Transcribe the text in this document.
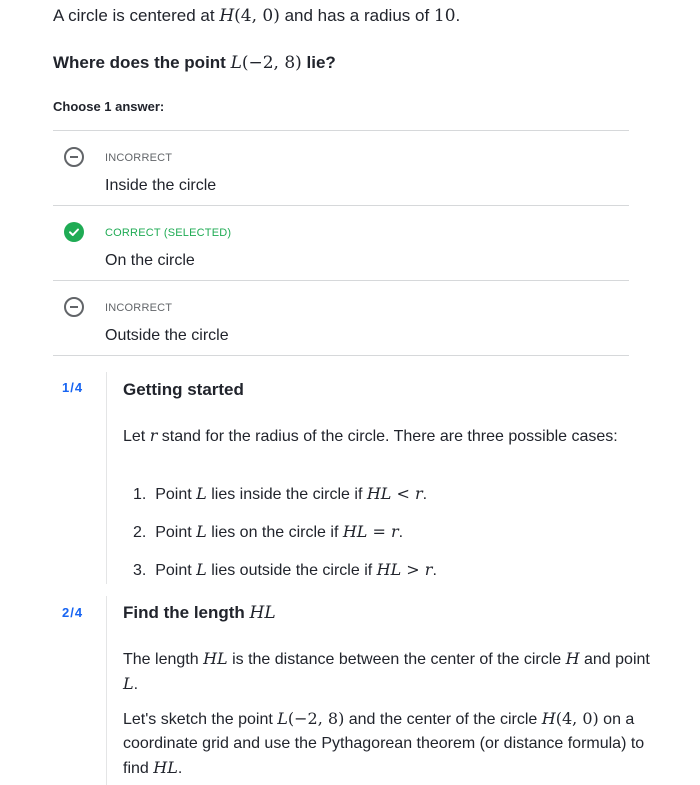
A circle is centered at H(4, 0) and has a radius of 10.
Where does the point L(−2, 8) lie?
Choose 1 answer:
INCORRECT
Inside the circle
CORRECT (SELECTED)
On the circle
INCORRECT
Outside the circle
1/4 Getting started
Let r stand for the radius of the circle. There are three possible cases:
1. Point L lies inside the circle if HL < r.
2. Point L lies on the circle if HL = r.
3. Point L lies outside the circle if HL > r.
2/4 Find the length HL
The length HL is the distance between the center of the circle H and point L.
Let's sketch the point L(−2, 8) and the center of the circle H(4, 0) on a coordinate grid and use the Pythagorean theorem (or distance formula) to find HL.
